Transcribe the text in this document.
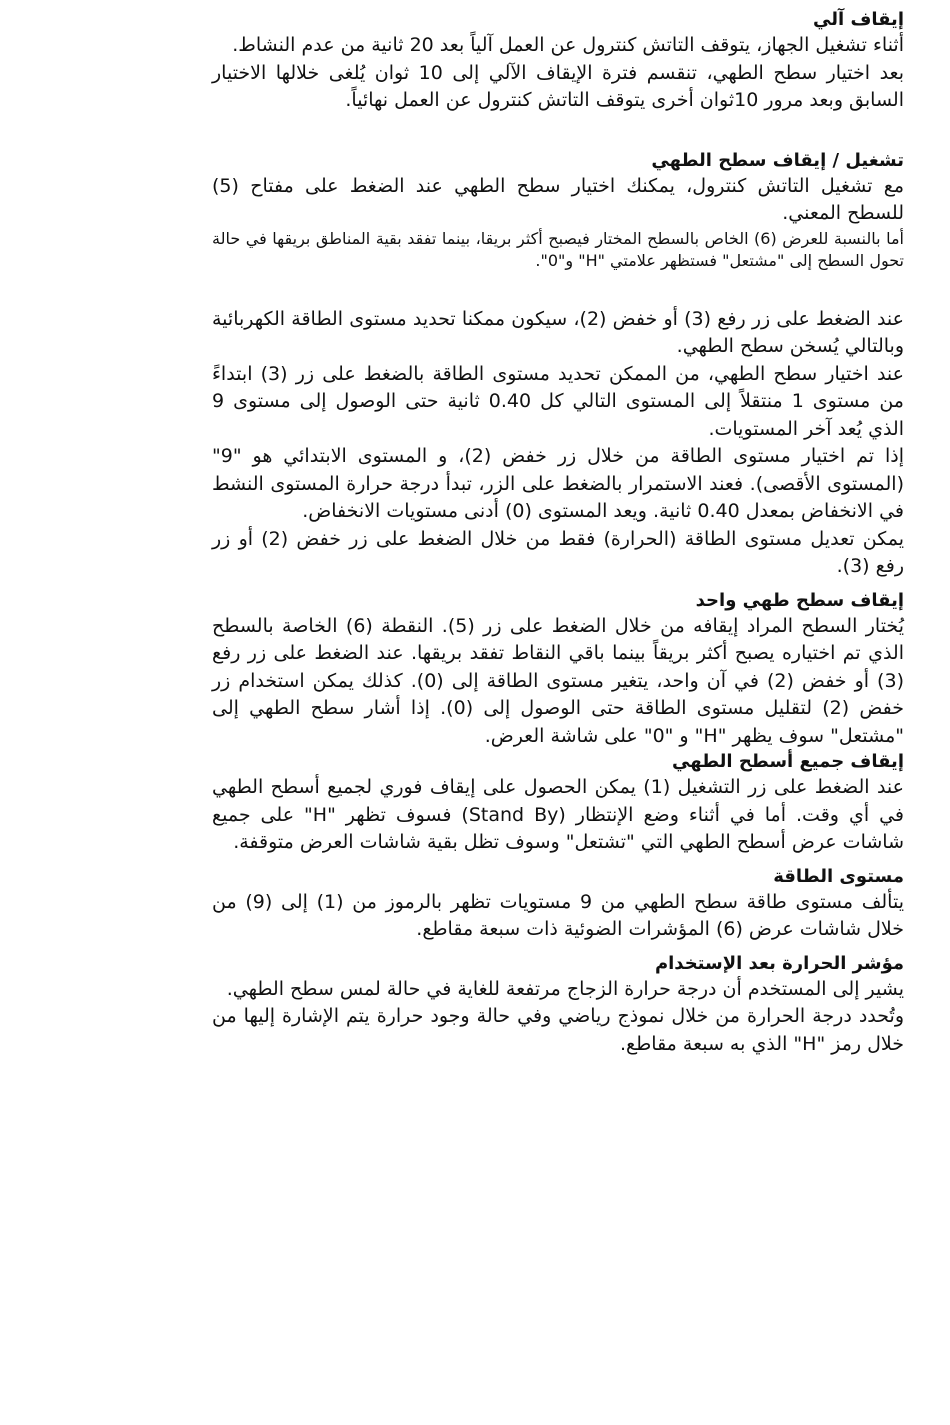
إيقاف آلي

أثناء تشغيل الجهاز، يتوقف التاتش كنترول عن العمل آلياً بعد 20 ثانية من عدم النشاط.

بعد اختيار سطح الطهي، تنقسم فترة الإيقاف الآلي إلى 10 ثوان يُلغى خلالها الاختيار السابق وبعد مرور 10ثوان أخرى يتوقف التاتش كنترول عن العمل نهائياً.

تشغيل / إيقاف سطح الطهي

مع تشغيل التاتش كنترول، يمكنك اختيار سطح الطهي عند الضغط على مفتاح (5) للسطح المعني.

أما بالنسبة للعرض (6) الخاص بالسطح المختار فيصبح أكثر بريقا، بينما تفقد بقية المناطق بريقها في حالة تحول السطح إلى "مشتعل" فستظهر علامتي "H" و"0".

عند الضغط على زر رفع (3) أو خفض (2)، سيكون ممكنا تحديد مستوى الطاقة الكهربائية وبالتالي يُسخن سطح الطهي.

عند اختيار سطح الطهي، من الممكن تحديد مستوى الطاقة بالضغط على زر (3) ابتداءً من مستوى 1 منتقلاً إلى المستوى التالي كل 0.40 ثانية حتى الوصول إلى مستوى 9 الذي يُعد آخر المستويات.

إذا تم اختيار مستوى الطاقة من خلال زر خفض (2)، و المستوى الابتدائي هو "9" (المستوى الأقصى). فعند الاستمرار بالضغط على الزر، تبدأ درجة حرارة المستوى النشط في الانخفاض بمعدل 0.40 ثانية. ويعد المستوى (0) أدنى مستويات الانخفاض.

يمكن تعديل مستوى الطاقة (الحرارة) فقط من خلال الضغط على زر خفض (2) أو زر رفع (3).

إيقاف سطح طهي واحد

يُختار السطح المراد إيقافه من خلال الضغط على زر (5). النقطة (6) الخاصة بالسطح الذي تم اختياره يصبح أكثر بريقاً بينما باقي النقاط تفقد بريقها. عند الضغط على زر رفع (3) أو خفض (2) في آن واحد، يتغير مستوى الطاقة إلى (0). كذلك يمكن استخدام زر خفض (2) لتقليل مستوى الطاقة حتى الوصول إلى (0). إذا أشار سطح الطهي إلى "مشتعل" سوف يظهر "H" و "0" على شاشة العرض.

إيقاف جميع أسطح الطهي

عند الضغط على زر التشغيل (1) يمكن الحصول على إيقاف فوري لجميع أسطح الطهي في أي وقت. أما في أثناء وضع الإنتظار (Stand By) فسوف تظهر "H" على جميع شاشات عرض أسطح الطهي التي "تشتعل" وسوف تظل بقية شاشات العرض متوقفة.

مستوى الطاقة

يتألف مستوى طاقة سطح الطهي من 9 مستويات تظهر بالرموز من (1) إلى (9) من خلال شاشات عرض (6) المؤشرات الضوئية ذات سبعة مقاطع.

مؤشر الحرارة بعد الإستخدام

يشير إلى المستخدم أن درجة حرارة الزجاج مرتفعة للغاية في حالة لمس سطح الطهي.

وتُحدد درجة الحرارة من خلال نموذج رياضي وفي حالة وجود حرارة يتم الإشارة إليها من خلال رمز "H" الذي به سبعة مقاطع.
